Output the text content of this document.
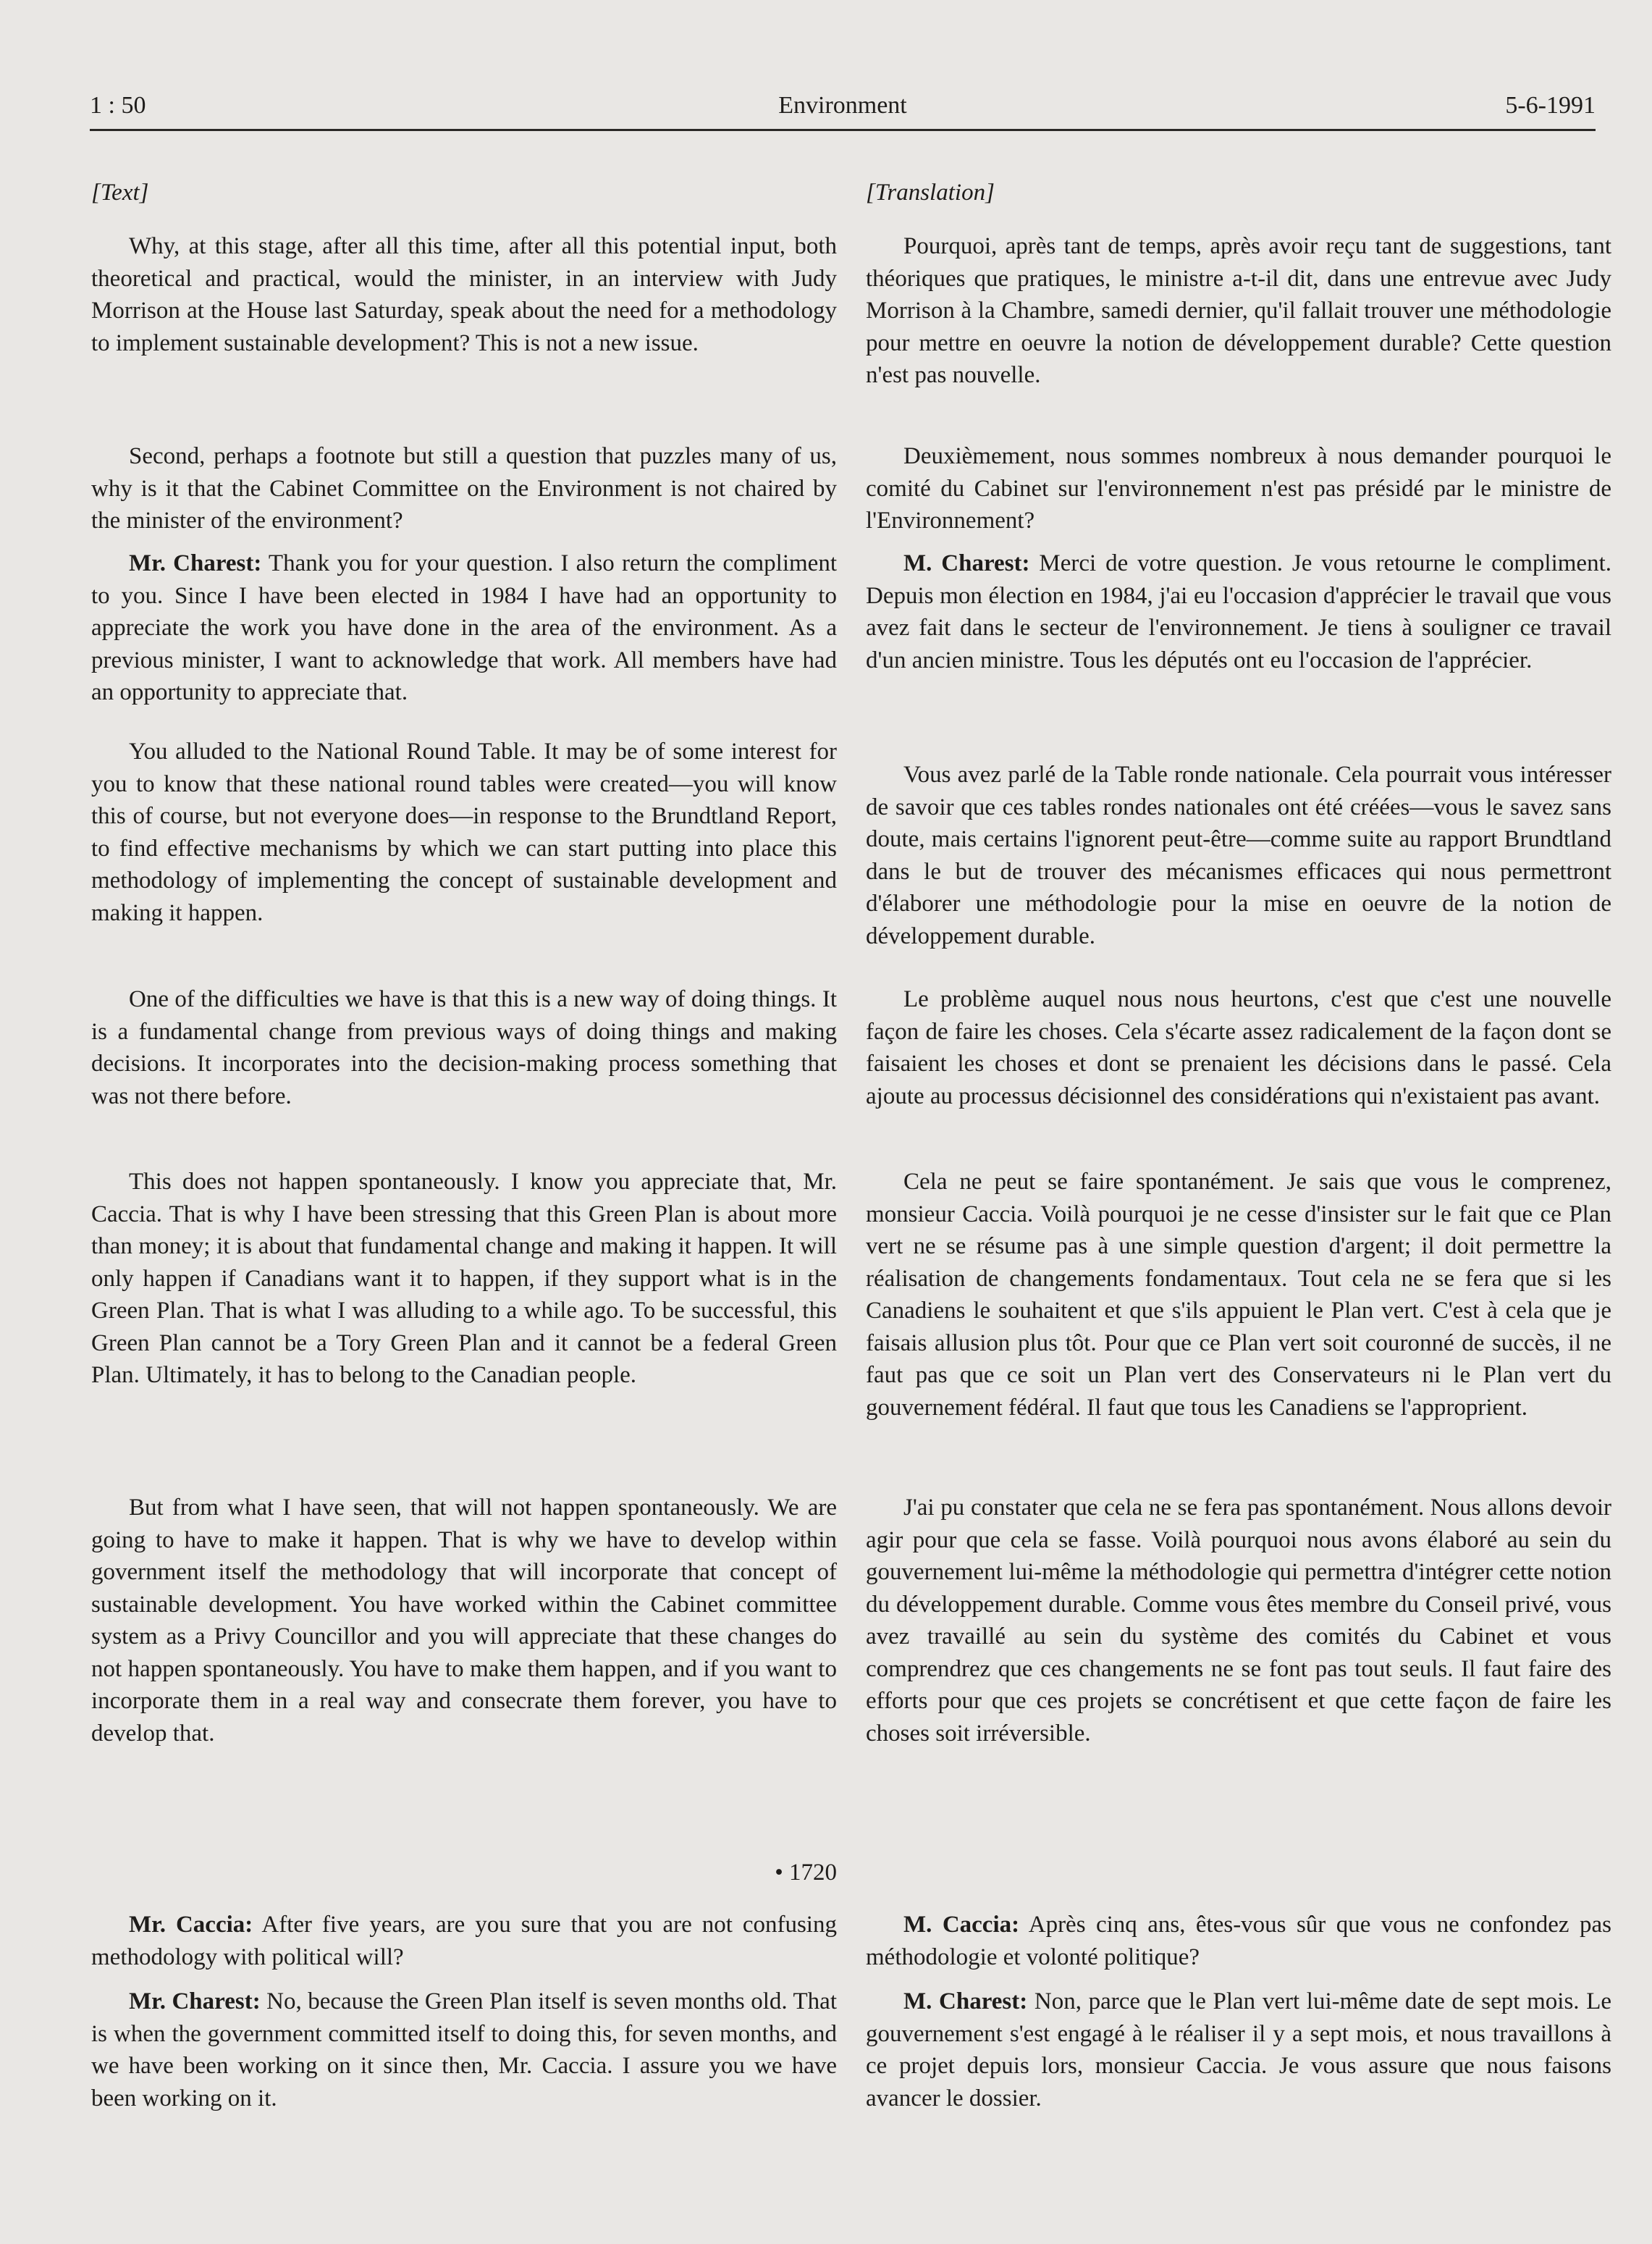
1 : 50	Environment	5-6-1991
[Text]

Why, at this stage, after all this time, after all this potential input, both theoretical and practical, would the minister, in an interview with Judy Morrison at the House last Saturday, speak about the need for a methodology to implement sustainable development? This is not a new issue.

Second, perhaps a footnote but still a question that puzzles many of us, why is it that the Cabinet Committee on the Environment is not chaired by the minister of the environment?

Mr. Charest: Thank you for your question. I also return the compliment to you. Since I have been elected in 1984 I have had an opportunity to appreciate the work you have done in the area of the environment. As a previous minister, I want to acknowledge that work. All members have had an opportunity to appreciate that.

You alluded to the National Round Table. It may be of some interest for you to know that these national round tables were created—you will know this of course, but not everyone does—in response to the Brundtland Report, to find effective mechanisms by which we can start putting into place this methodology of implementing the concept of sustainable development and making it happen.

One of the difficulties we have is that this is a new way of doing things. It is a fundamental change from previous ways of doing things and making decisions. It incorporates into the decision-making process something that was not there before.

This does not happen spontaneously. I know you appreciate that, Mr. Caccia. That is why I have been stressing that this Green Plan is about more than money; it is about that fundamental change and making it happen. It will only happen if Canadians want it to happen, if they support what is in the Green Plan. That is what I was alluding to a while ago. To be successful, this Green Plan cannot be a Tory Green Plan and it cannot be a federal Green Plan. Ultimately, it has to belong to the Canadian people.

But from what I have seen, that will not happen spontaneously. We are going to have to make it happen. That is why we have to develop within government itself the methodology that will incorporate that concept of sustainable development. You have worked within the Cabinet committee system as a Privy Councillor and you will appreciate that these changes do not happen spontaneously. You have to make them happen, and if you want to incorporate them in a real way and consecrate them forever, you have to develop that.

• 1720

Mr. Caccia: After five years, are you sure that you are not confusing methodology with political will?

Mr. Charest: No, because the Green Plan itself is seven months old. That is when the government committed itself to doing this, for seven months, and we have been working on it since then, Mr. Caccia. I assure you we have been working on it.

[Translation]

Pourquoi, après tant de temps, après avoir reçu tant de suggestions, tant théoriques que pratiques, le ministre a-t-il dit, dans une entrevue avec Judy Morrison à la Chambre, samedi dernier, qu'il fallait trouver une méthodologie pour mettre en oeuvre la notion de développement durable? Cette question n'est pas nouvelle.

Deuxièmement, nous sommes nombreux à nous demander pourquoi le comité du Cabinet sur l'environnement n'est pas présidé par le ministre de l'Environnement?

M. Charest: Merci de votre question. Je vous retourne le compliment. Depuis mon élection en 1984, j'ai eu l'occasion d'apprécier le travail que vous avez fait dans le secteur de l'environnement. Je tiens à souligner ce travail d'un ancien ministre. Tous les députés ont eu l'occasion de l'apprécier.

Vous avez parlé de la Table ronde nationale. Cela pourrait vous intéresser de savoir que ces tables rondes nationales ont été créées—vous le savez sans doute, mais certains l'ignorent peut-être—comme suite au rapport Brundtland dans le but de trouver des mécanismes efficaces qui nous permettront d'élaborer une méthodologie pour la mise en oeuvre de la notion de développement durable.

Le problème auquel nous nous heurtons, c'est que c'est une nouvelle façon de faire les choses. Cela s'écarte assez radicalement de la façon dont se faisaient les choses et dont se prenaient les décisions dans le passé. Cela ajoute au processus décisionnel des considérations qui n'existaient pas avant.

Cela ne peut se faire spontanément. Je sais que vous le comprenez, monsieur Caccia. Voilà pourquoi je ne cesse d'insister sur le fait que ce Plan vert ne se résume pas à une simple question d'argent; il doit permettre la réalisation de changements fondamentaux. Tout cela ne se fera que si les Canadiens le souhaitent et que s'ils appuient le Plan vert. C'est à cela que je faisais allusion plus tôt. Pour que ce Plan vert soit couronné de succès, il ne faut pas que ce soit un Plan vert des Conservateurs ni le Plan vert du gouvernement fédéral. Il faut que tous les Canadiens se l'approprient.

J'ai pu constater que cela ne se fera pas spontanément. Nous allons devoir agir pour que cela se fasse. Voilà pourquoi nous avons élaboré au sein du gouvernement lui-même la méthodologie qui permettra d'intégrer cette notion du développement durable. Comme vous êtes membre du Conseil privé, vous avez travaillé au sein du système des comités du Cabinet et vous comprendrez que ces changements ne se font pas tout seuls. Il faut faire des efforts pour que ces projets se concrétisent et que cette façon de faire les choses soit irréversible.

M. Caccia: Après cinq ans, êtes-vous sûr que vous ne confondez pas méthodologie et volonté politique?

M. Charest: Non, parce que le Plan vert lui-même date de sept mois. Le gouvernement s'est engagé à le réaliser il y a sept mois, et nous travaillons à ce projet depuis lors, monsieur Caccia. Je vous assure que nous faisons avancer le dossier.
